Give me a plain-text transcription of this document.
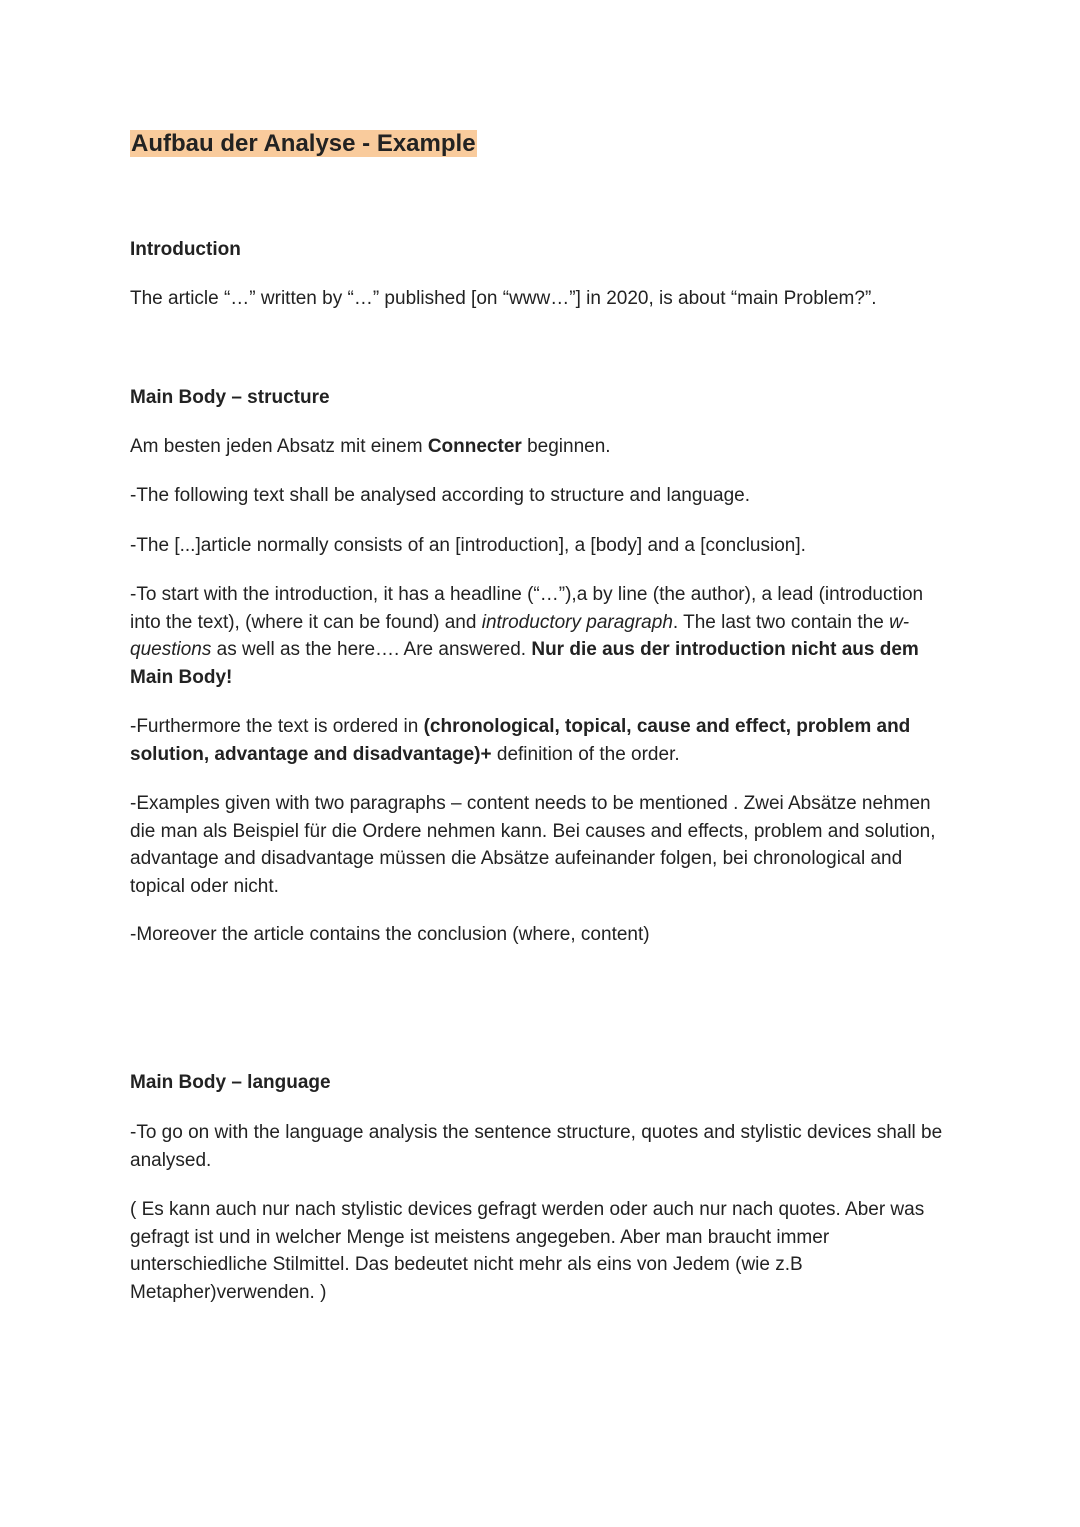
Aufbau der Analyse - Example
Introduction

The article “…” written by “…” published [on “www…”] in 2020, is about “main Problem?”.

Main Body – structure

Am besten jeden Absatz mit einem Connecter beginnen.

-The following text shall be analysed according to structure and language.

-The [...]article normally consists of an [introduction], a [body] and a [conclusion].

-To start with the introduction, it has a headline (“…”),a by line (the author), a lead (introduction into the text), (where it can be found) and introductory paragraph. The last two contain the w-questions as well as the here…. Are answered. Nur die aus der introduction nicht aus dem Main Body!

-Furthermore the text is ordered in (chronological, topical, cause and effect, problem and solution, advantage and disadvantage)+ definition of the order.

-Examples given with two paragraphs – content needs to be mentioned . Zwei Absätze nehmen die man als Beispiel für die Ordere nehmen kann. Bei causes and effects, problem and solution, advantage and disadvantage müssen die Absätze aufeinander folgen, bei chronological and topical oder nicht.

-Moreover the article contains the conclusion (where, content)

Main Body – language

-To go on with the language analysis the sentence structure, quotes and stylistic devices shall be analysed.

( Es kann auch nur nach stylistic devices gefragt werden oder auch nur nach quotes. Aber was gefragt ist und in welcher Menge ist meistens angegeben. Aber man braucht immer unterschiedliche Stilmittel. Das bedeutet nicht mehr als eins von Jedem (wie z.B Metapher)verwenden. )
